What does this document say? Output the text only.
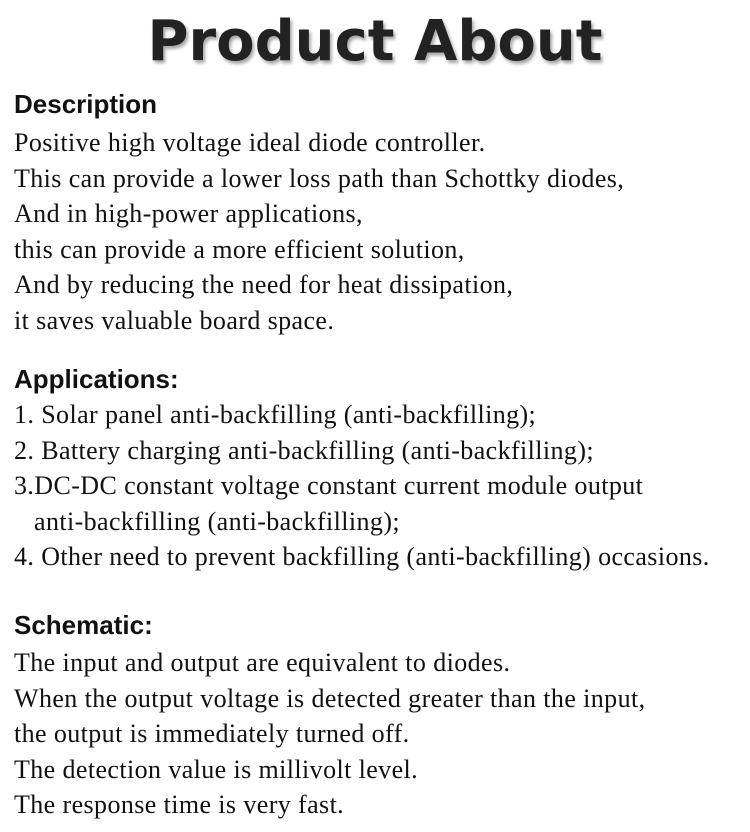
Product About
Description
Positive high voltage ideal diode controller.
This can provide a lower loss path than Schottky diodes,
And in high-power applications,
this can provide a more efficient solution,
And by reducing the need for heat dissipation,
it saves valuable board space.
Applications:
1. Solar panel anti-backfilling (anti-backfilling);
2. Battery charging anti-backfilling (anti-backfilling);
3.DC-DC constant voltage constant current module output
anti-backfilling (anti-backfilling);
4. Other need to prevent backfilling (anti-backfilling) occasions.
Schematic:
The input and output are equivalent to diodes.
When the output voltage is detected greater than the input,
the output is immediately turned off.
The detection value is millivolt level.
The response time is very fast.
